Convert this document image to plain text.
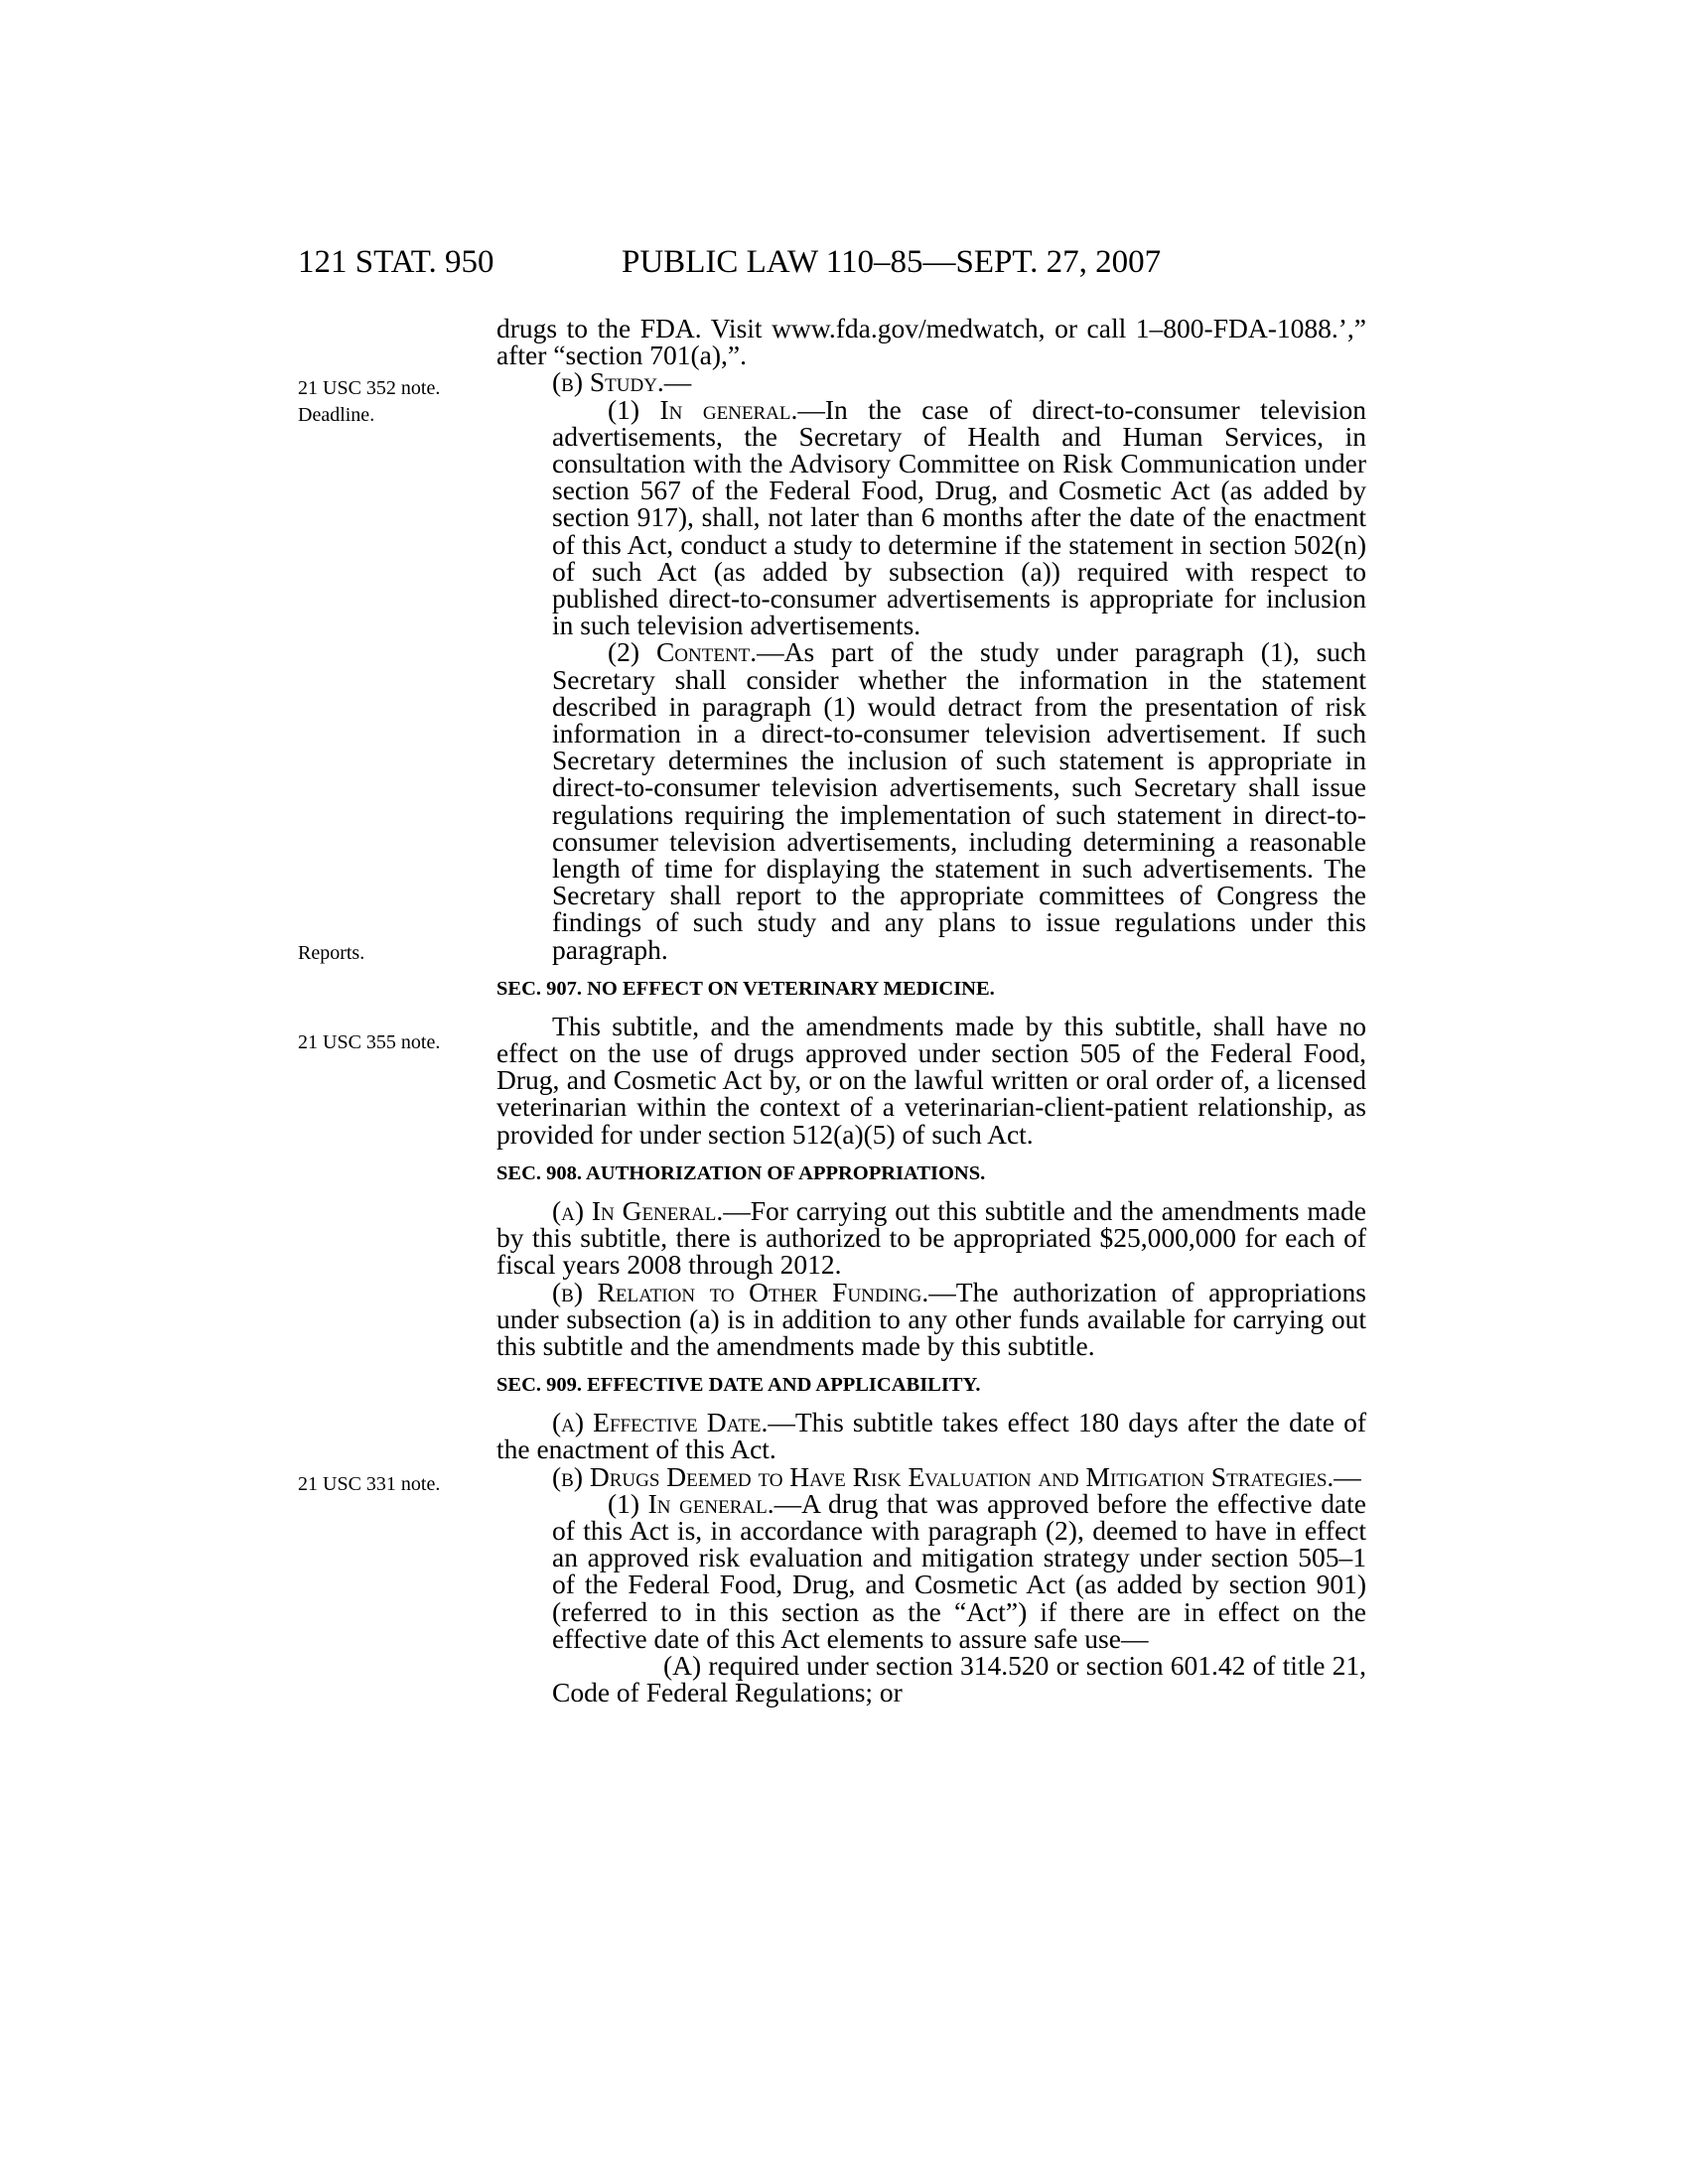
121 STAT. 950	PUBLIC LAW 110–85—SEPT. 27, 2007
21 USC 352 note.
Deadline.
Reports.
21 USC 355 note.
21 USC 331 note.

drugs to the FDA. Visit www.fda.gov/medwatch, or call 1–800-FDA-1088.’,” after “section 701(a),”.

(b) Study.—

(1) In general.—In the case of direct-to-consumer television advertisements, the Secretary of Health and Human Services, in consultation with the Advisory Committee on Risk Communication under section 567 of the Federal Food, Drug, and Cosmetic Act (as added by section 917), shall, not later than 6 months after the date of the enactment of this Act, conduct a study to determine if the statement in section 502(n) of such Act (as added by subsection (a)) required with respect to published direct-to-consumer advertisements is appropriate for inclusion in such television advertisements.

(2) Content.—As part of the study under paragraph (1), such Secretary shall consider whether the information in the statement described in paragraph (1) would detract from the presentation of risk information in a direct-to-consumer television advertisement. If such Secretary determines the inclusion of such statement is appropriate in direct-to-consumer television advertisements, such Secretary shall issue regulations requiring the implementation of such statement in direct-to-consumer television advertisements, including determining a reasonable length of time for displaying the statement in such advertisements. The Secretary shall report to the appropriate committees of Congress the findings of such study and any plans to issue regulations under this paragraph.

SEC. 907. NO EFFECT ON VETERINARY MEDICINE.

This subtitle, and the amendments made by this subtitle, shall have no effect on the use of drugs approved under section 505 of the Federal Food, Drug, and Cosmetic Act by, or on the lawful written or oral order of, a licensed veterinarian within the context of a veterinarian-client-patient relationship, as provided for under section 512(a)(5) of such Act.

SEC. 908. AUTHORIZATION OF APPROPRIATIONS.

(a) In General.—For carrying out this subtitle and the amendments made by this subtitle, there is authorized to be appropriated $25,000,000 for each of fiscal years 2008 through 2012.

(b) Relation to Other Funding.—The authorization of appropriations under subsection (a) is in addition to any other funds available for carrying out this subtitle and the amendments made by this subtitle.

SEC. 909. EFFECTIVE DATE AND APPLICABILITY.

(a) Effective Date.—This subtitle takes effect 180 days after the date of the enactment of this Act.

(b) Drugs Deemed to Have Risk Evaluation and Mitigation Strategies.—

(1) In general.—A drug that was approved before the effective date of this Act is, in accordance with paragraph (2), deemed to have in effect an approved risk evaluation and mitigation strategy under section 505–1 of the Federal Food, Drug, and Cosmetic Act (as added by section 901) (referred to in this section as the “Act”) if there are in effect on the effective date of this Act elements to assure safe use—

(A) required under section 314.520 or section 601.42 of title 21, Code of Federal Regulations; or
